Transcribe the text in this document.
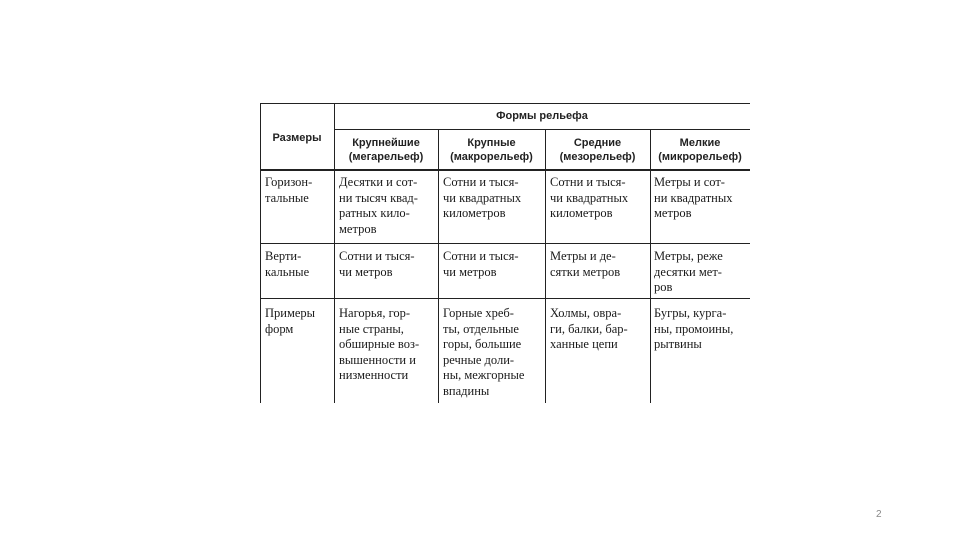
Размеры
Формы рельефа
Крупнейшие
(мегарельеф)
Крупные
(макрорельеф)
Средние
(мезорельеф)
Мелкие
(микрорельеф)
Горизон-
тальные
Десятки и сот-
ни тысяч квад-
ратных кило-
метров
Сотни и тыся-
чи квадратных
километров
Сотни и тыся-
чи квадратных
километров
Метры и сот-
ни квадратных
метров
Верти-
кальные
Сотни и тыся-
чи метров
Сотни и тыся-
чи метров
Метры и де-
сятки метров
Метры, реже
десятки мет-
ров
Примеры
форм
Нагорья, гор-
ные страны,
обширные воз-
вышенности и
низменности
Горные хреб-
ты, отдельные
горы, большие
речные доли-
ны, межгорные
впадины
Холмы, овра-
ги, балки, бар-
ханные цепи
Бугры, курга-
ны, промоины,
рытвины
2
